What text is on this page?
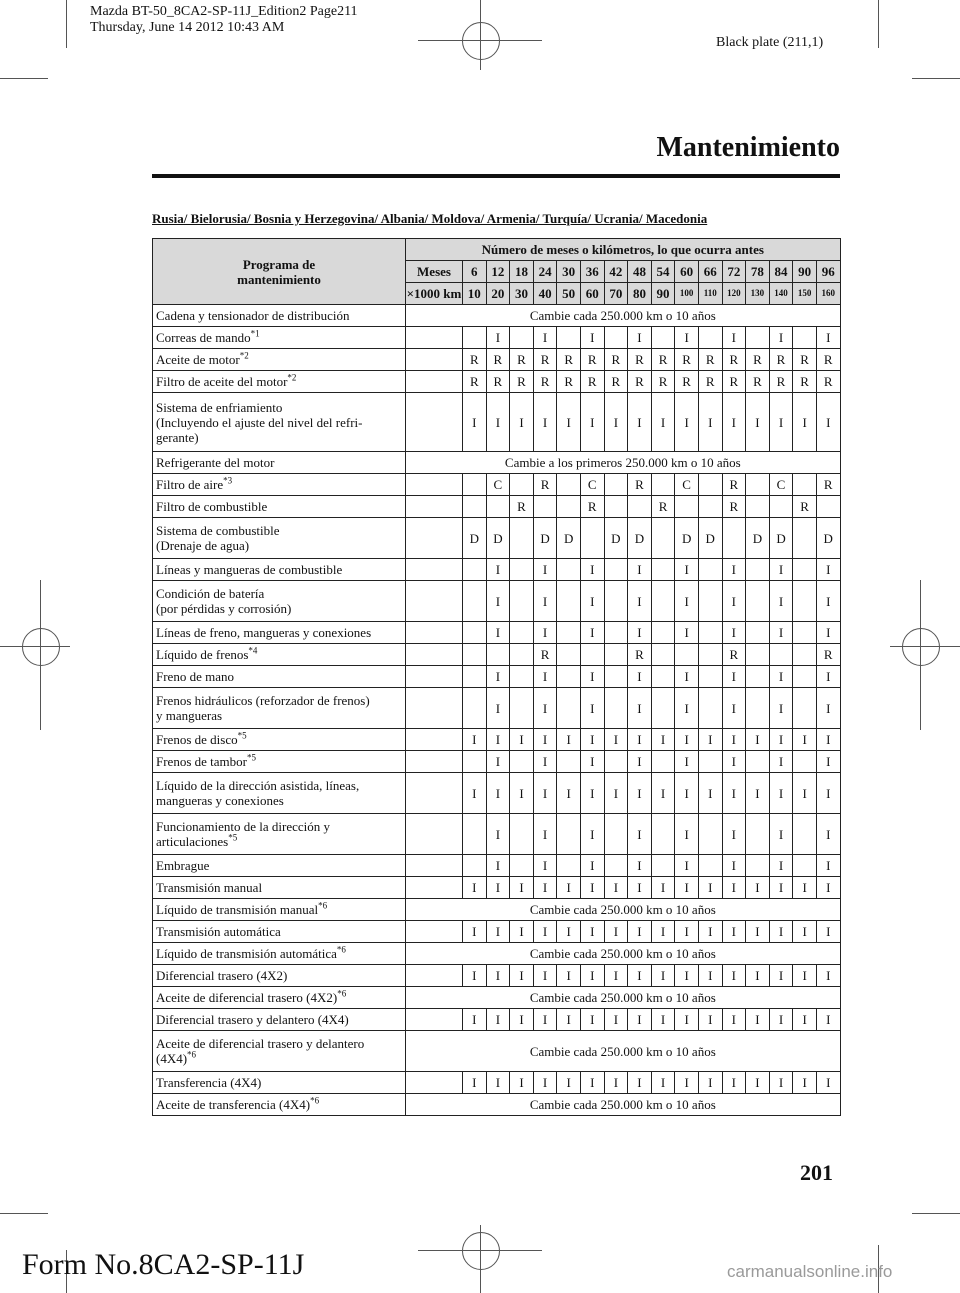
Mazda BT-50_8CA2-SP-11J_Edition2 Page211
Thursday, June 14 2012 10:43 AM
Black plate (211,1)
Mantenimiento
Rusia/ Bielorusia/ Bosnia y Herzegovina/ Albania/ Moldova/ Armenia/ Turquía/ Ucrania/ Macedonia
Programa de mantenimiento	Número de meses o kilómetros, lo que ocurra antes																
	Meses	6	12	18	24	30	36	42	48	54	60	66	72	78	84	90	96
	×1000 km	10	20	30	40	50	60	70	80	90	100	110	120	130	140	150	160
Cadena y tensionador de distribución	Cambie cada 250.000 km o 10 años																
Correas de mando$^{*1}$			I		I		I		I		I		I		I		I
Aceite de motor$^{*2}$		R	R	R	R	R	R	R	R	R	R	R	R	R	R	R	R
Filtro de aceite del motor$^{*2}$		R	R	R	R	R	R	R	R	R	R	R	R	R	R	R	R
Sistema de enfriamiento
(Incluyendo el ajuste del nivel del refri-
gerante)		I	I	I	I	I	I	I	I	I	I	I	I	I	I	I	I
Refrigerante del motor	Cambie a los primeros 250.000 km o 10 años																
Filtro de aire$^{*3}$			C		R		C		R		C		R		C		R
Filtro de combustible				R			R			R			R			R	
Sistema de combustible
(Drenaje de agua)		D	D		D	D		D	D		D	D		D	D		D
Líneas y mangueras de combustible			I		I		I		I		I		I		I		I
Condición de batería
(por pérdidas y corrosión)			I		I		I		I		I		I		I		I
Líneas de freno, mangueras y conexiones			I		I		I		I		I		I		I		I
Líquido de frenos$^{*4}$					R				R				R				R
Freno de mano			I		I		I		I		I		I		I		I
Frenos hidráulicos (reforzador de frenos)
y mangueras			I		I		I		I		I		I		I		I
Frenos de disco$^{*5}$		I	I	I	I	I	I	I	I	I	I	I	I	I	I	I	I
Frenos de tambor$^{*5}$			I		I		I		I		I		I		I		I
Líquido de la dirección asistida, líneas,
mangueras y conexiones		I	I	I	I	I	I	I	I	I	I	I	I	I	I	I	I
Funcionamiento de la dirección y
articulaciones$^{*5}$			I		I		I		I		I		I		I		I
Embrague			I		I		I		I		I		I		I		I
Transmisión manual		I	I	I	I	I	I	I	I	I	I	I	I	I	I	I	I
Líquido de transmisión manual$^{*6}$	Cambie cada 250.000 km o 10 años																
Transmisión automática		I	I	I	I	I	I	I	I	I	I	I	I	I	I	I	I
Líquido de transmisión automática$^{*6}$	Cambie cada 250.000 km o 10 años																
Diferencial trasero (4X2)		I	I	I	I	I	I	I	I	I	I	I	I	I	I	I	I
Aceite de diferencial trasero $(4X2)^{*6}$	Cambie cada 250.000 km o 10 años																
Diferencial trasero y delantero (4X4)		I	I	I	I	I	I	I	I	I	I	I	I	I	I	I	I
Aceite de diferencial trasero y delantero
$(4X4)^{*6}$	Cambie cada 250.000 km o 10 años																
Transferencia (4X4)		I	I	I	I	I	I	I	I	I	I	I	I	I	I	I	I
Aceite de transferencia $(4X4)^{*6}$	Cambie cada 250.000 km o 10 años																
201
Form No.8CA2-SP-11J	carmanualsonline.info
